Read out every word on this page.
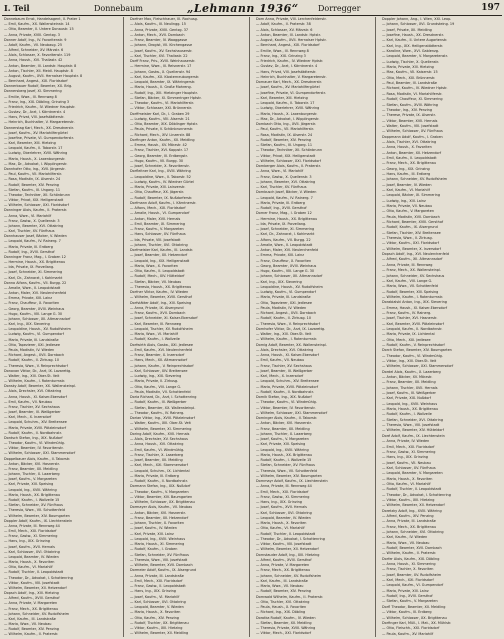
I. Teil	Donnebaum	„Lehmann 1936“ Dorregger	197
Donnebaum Ernst, Handelsagent, II. Prater 1
— Emil, Kaufm., XX. Wallensteinstr. 14
— Otto, Beamter, II. Untere Donaustr. 15
— Anna, Private, XVIII. Gentzg. 3
Donner Adolf, Ing., IV. Favoritenstr. 9
— Adolf, Kaufm., VII. Neubaug. 25
— Alfred, Schneider, XV. Märzstr. 6
— Alois, Schlosser, X. Favoritenstr. 119
— Anna, Haush., XVI. Thaliastr. 42
— Anton, Beamter, III. Landstr. Hauptstr. 8
— Anton, Tischler, XII. Meidl. Hauptstr. 8
— August, Kaufm., XVII. Hernalser Hauptstr. 8
— Bernhard, Angest., XXI. Floridsdorf
Donnerbauer Rudolf, Beamter, XX. Brig.
Donnersberg Josef, XI. Simmering
— Emilie, Wwe., III. Rennweg 8
— Franz, Ing., XIX. Döbling, Grinzing 3
— Friedrich, Kaufm., IV. Wiedner Hauptstr.
— Gustav, Dr., Arzt, I. Kärntnerstr. 4
— Hans, Privat, VIII. Josefstädterstr.
— Heinrich, Buchhalter, V. Margaretenstr.
Donnerstag Karl, Mech., XX. Dresdnerstr.
— Josef, Kaufm., XV. Mariahilfergürtel
— Josefine, Private, VI. Gumpendorferstr.
— Karl, Beamter, XIII. Hietzing
— Leopold, Kaufm., II. Taborstr. 17
— Ludwig, Oberlehrer, XVIII. Währing
— Maria, Haush., X. Laxenburgerstr.
— Max, Dr., Advokat, I. Wipplingerstr.
Donnhofer Otto, Ing., XVII. Jörgerstr.
— Paul, Kaufm., VII. Mariahilferstr.
— Rosa, Modistin, IX. Alserstr. 24
— Rudolf, Beamter, XIV. Penzing
— Stefan, Kaufm., III. Ungarg. 11
— Theodor, Techniker, XII. Schönbrunn
— Viktor, Privat, XIX. Heiligenstadt
— Wilhelm, Schlosser, XXI. Floridsdorf
Donninger Alois, Kaufm., II. Praterstr.
— Anna, Wwe., VI. Mariahilf
— Franz, Gastw., X. Quellenstr. 3
— Johann, Beamter, XVI. Ottakring
— Karl, Tischler, XV. Fünfhaus
Donnhauser Josef, Bäcker, V. Wieden
— Leopold, Kaufm., IV. Rainerg. 7
— Maria, Private, III. Erdberg
— Rudolf, Ing., XVIII. Gersthof
Donninger Franz, Mag., I. Graben 12
— Hermine, Haush., XX. Brigittenau
— Ida, Private, IX. Porzellang.
— Josef, Schneider, XI. Simmering
— Karl, Dr., Zahnarzt, I. Kohlmarkt
Donno Alfons, Kaufm., VII. Burgg. 22
— Amalie, Wwe., II. Leopoldstadt
— Anton, Maler, XVI. Neulerchenfeld
— Emma, Private, XIII. Lainz
— Franz, Chauffeur, X. Favoriten
— Georg, Beamter, XVIII. Weinhaus
— Hugo, Kaufm., VIII. Lange G. 30
— Johann, Schlosser, XII. Altmannsdorf
— Karl, Ing., XIX. Sievering
— Leopoldine, Haush., XV. Rudolfsheim
— Ludwig, Kaufm., VI. Gumpendorf
— Maria, Private, III. Landstraße
— Otto, Tapezierer, XXI. Jedlesee
— Paula, Modistin, IV. Wieden
— Richard, Angest., XVII. Dornbach
— Rudolf, Kaufm., II. Zirkusg. 10
— Theresia, Wwe., V. Reinprechtsdorf
Donovan Viktor, Dr., Arzt, IX. Lazarettg.
— Walter, Ing., XIII. Ober-St. Veit
— Wilhelm, Kaufm., I. Rotenturmstr.
Donsky Adolf, Beamter, XX. Wallensteinpl.
— Alois, Drechsler, XVI. Ottakring
— Anna, Haush., XI. Kaiser-Ebersdorf
— Emil, Kaufm., VII. Neubau
— Franz, Tischler, XV. Sechshaus
— Josef, Beamter, III. Weißgerber
— Karl, Mech., X. Inzersdorf
— Leopold, Schuhm., XIV. Breitensee
— Maria, Private, XVIII. Pötzleinsdorf
— Rudolf, Kaufm., II. Nordbahnstr.
Dontsch Stefan, Ing., XIX. Nußdorf
— Theodor, Kaufm., VI. Windmühlg.
— Viktor, Beamter, IV. Favoritenstr.
— Wilhelm, Schlosser, XXI. Stammersdorf
Doppelbauer Alois, Kaufm., II. Taborstr.
— Anton, Bäcker, XVI. Hasnerstr.
— Franz, Beamter, XII. Meidling
— Johann, Tischler, X. Laaerberg
— Josef, Kaufm., V. Margareten
— Karl, Private, XIII. Speising
— Leopold, Ing., XVIII. Währing
— Maria, Haush., XX. Brigittenau
— Rudolf, Kaufm., I. Wollzeile 15
— Stefan, Schneider, XV. Fünfhaus
— Theresia, Wwe., VII. Schottenfeld
— Wilhelm, Beamter, XIV. Baumgarten
Doppler Adolf, Kaufm., IX. Liechtenstein
— Anna, Private, III. Rennweg 44
— Emil, Mech., XXI. Floridsdorf
— Franz, Gastw., XI. Simmering
— Hans, Ing., XIX. Grinzing
— Josef, Kaufm., XVII. Hernals
— Karl, Schlosser, XVI. Ottakring
— Leopold, Beamter, IV. Wieden
— Maria, Haush., X. Favoriten
— Otto, Kaufm., VI. Mariahilf
— Rudolf, Tischler, II. Leopoldstadt
— Theodor, Dr., Advokat, I. Schottenring
— Viktor, Kaufm., VIII. Josefstadt
— Wilhelm, Beamter, XII. Hetzendorf
Dopsch Adolf, Ing., XIII. Hietzing
— Alfred, Kaufm., XVIII. Gersthof
— Anna, Private, V. Margareten
— Franz, Mech., XX. Brigittenau
— Johann, Schneider, XV. Rudolfsheim
— Karl, Kaufm., III. Landstraße
— Maria, Wwe., VII. Neubau
— Rudolf, Beamter, XIV. Penzing
— Wilhelm, Kaufm., II. Praterstr.
Dorfner Max, Fleischhauer, III. Rochusg.
— Alois, Kaufm., III. Neulingg. 15
— Anna, Private, XVIII. Gentzg. 37
— Anton, Mech., XVII. Dornbach
— Franz, Beamter, IV. Waaggasse
— Johann, Drogist, VII. Kirchengasse
— Josef, Kaufm., XV. Sechshauserstr.
— Karl, Tischler, XVI. Thaliastr. 22
Dorff Franz, Priv., XVIII. Weinhauserstr.
— Hermine, Wwe., III. Reisnerstr. 17
— Johann, Gastw., X. Quellenstr. 94
— Karl, Kaufm., XX. Klosterneuburgerstr.
— Leopold, Beamter, IX. Währingerstr.
— Maria, Haush., II. Große Mohreng.
— Rudolf, Ing., XIII. Hietzinger Hauptstr.
— Stefan, Bäcker, XI. Simmeringer Hptstr.
— Theodor, Kaufm., VI. Mariahilferstr.
— Viktor, Schlosser, XXI. Brünnerstr.
Dorffmeister Karl, Dr., I. Graben 29
— Ludwig, Kaufm., VIII. Alserstr. 21
— Otto, Beamter, XIX. Döblinger Hptstr.
— Paula, Private, V. Schönbrunnerstr.
— Richard, Mech., XIV. Linzerstr. 88
Dorfinger Anton, Kaufm., XII. Meidling
— Emma, Haush., XV. Märzstr. 42
— Franz, Tischler, XVI. Koppstr. 17
— Georg, Beamter, III. Erdbergstr.
— Hugo, Kaufm., VII. Burgg. 30
— Josef, Schneider, X. Favoritenstr.
Dorfleitner Karl, Ing., XVIII. Währing
— Leopoldine, Wwe., II. Taborstr. 52
— Ludwig, Kaufm., IV. Wiedner Gürtel
— Maria, Private, XIII. Lainzerstr.
— Otto, Chauffeur, XX. Jägerstr.
— Rudolf, Beamter, IX. Nußdorferstr.
Dorfmann Adolf, Kaufm., I. Kärntnerstr.
— Alfons, Mech., XXI. Floridsdorf
— Amalie, Haush., VI. Gumpendorf
— Anton, Maler, XVII. Hernals
— Emil, Beamter, XI. Simmering
— Franz, Kaufm., V. Margareten
— Hans, Schlosser, XV. Fünfhaus
— Ida, Private, VIII. Josefstadt
— Johann, Tischler, XVI. Ottakring
Dorfmeister Karl, Kaufm., III. Landstr.
— Josef, Beamter, XII. Hetzendorf
— Leopold, Ing., XIX. Heiligenstadt
— Maria, Wwe., X. Favoriten
— Otto, Kaufm., II. Leopoldstadt
— Rudolf, Mech., XIV. Hütteldorf
— Stefan, Bäcker, VII. Neubau
— Theresia, Haush., XX. Brigittenau
Dorfner Viktor, Kaufm., IV. Wieden
— Wilhelm, Beamter, XVIII. Gersthof
Dorfstätter Adolf, Ing., XIII. Speising
— Anna, Private, IX. Alsergrund
— Franz, Kaufm., XVII. Dornbach
— Josef, Schneider, XI. Kaiser-Ebersdorf
— Karl, Beamter, III. Rennweg
— Leopold, Tischler, XV. Rudolfsheim
— Maria, Wwe., VI. Mariahilf
— Rudolf, Kaufm., I. Wollzeile
Dorfwirth Alois, Gastw., XXI. Jedlesee
— Emil, Kaufm., XVI. Neulerchenfeld
— Franz, Beamter, X. Inzersdorf
— Hans, Mech., XII. Altmannsdorf
— Johann, Kaufm., V. Reinprechtsdorf
— Karl, Schlosser, XIV. Breitensee
— Ludwig, Ing., XIX. Sievering
— Maria, Private, II. Zirkusg.
— Otto, Kaufm., VIII. Lange G.
— Paula, Modistin, VII. Schottenfeld
Doria Richard, Dr., Arzt, I. Schottenring
— Rudolf, Kaufm., III. Weißgerber
— Stefan, Beamter, XX. Wallensteinpl.
— Theodor, Kaufm., IV. Rainerg.
Dorian Viktor, Ing., XVIII. Pötzleinsdorf
— Walter, Kaufm., XIII. Ober-St. Veit
— Wilhelm, Beamter, XI. Simmering
Doring Adolf, Kaufm., XVII. Hernals
— Alois, Drechsler, XV. Sechshaus
— Anna, Haush., XVI. Ottakring
— Emil, Kaufm., VI. Windmühlg.
— Franz, Tischler, X. Laaerberg
— Josef, Beamter, XII. Meidling
— Karl, Mech., XXI. Stammersdorf
— Leopold, Schuhm., IX. Lichtental
— Maria, Private, III. Erdberg
— Rudolf, Kaufm., II. Nordbahnstr.
Dormann Stefan, Ing., XIX. Nußdorf
— Theodor, Kaufm., V. Margareten
— Viktor, Beamter, XIV. Baumgarten
— Wilhelm, Schlosser, XX. Brigittenau
Dormayer Alois, Kaufm., VII. Neubau
— Anton, Bäcker, XVI. Hasnerstr.
— Franz, Beamter, XII. Hetzendorf
— Johann, Tischler, X. Favoriten
— Josef, Kaufm., IV. Wieden
— Karl, Private, XIII. Lainz
— Leopold, Ing., XVIII. Weinhaus
— Maria, Haush., XI. Simmering
— Rudolf, Kaufm., I. Graben
— Stefan, Schneider, XV. Fünfhaus
— Theresia, Wwe., VIII. Josefstadt
— Wilhelm, Beamter, XVII. Dornbach
Dormeier Adolf, Kaufm., IX. Alsergrund
— Anna, Private, III. Landstraße
— Emil, Mech., XXI. Floridsdorf
— Franz, Gastw., II. Leopoldstadt
— Hans, Ing., XIX. Grinzing
— Josef, Kaufm., VI. Mariahilf
— Karl, Schlosser, XVI. Ottakring
— Leopold, Beamter, V. Wieden
— Maria, Haush., X. Favoriten
— Otto, Kaufm., XIV. Penzing
— Rudolf, Tischler, XX. Brigittenau
— Viktor, Kaufm., XIII. Hietzing
— Wilhelm, Beamter, XII. Meidling
Dorn Anna, Private, VIII. Lerchenfelderstr.
— Adolf, Kaufm., II. Praterstr. 38
— Alois, Schlosser, XV. Märzstr. 6
— Anton, Beamter, III. Landstr. Hptstr.
— August, Kaufm., XVII. Hernalser Hptstr.
— Bernhard, Angest., XXI. Floridsdorf
— Emilie, Wwe., III. Rennweg 8
— Franz, Ing., XIX. Grinzing 3
— Friedrich, Kaufm., IV. Wiedner Hptstr.
— Gustav, Dr., Arzt, I. Kärntnerstr. 4
— Hans, Privat, VIII. Josefstädterstr.
— Heinrich, Buchhalter, V. Margaretenstr.
Dornauer Karl, Mech., XX. Dresdnerstr.
— Josef, Kaufm., XV. Mariahilfergürtel
— Josefine, Private, VI. Gumpendorferstr.
— Karl, Beamter, XIII. Hietzing
— Leopold, Kaufm., II. Taborstr. 17
— Ludwig, Oberlehrer, XVIII. Währing
— Maria, Haush., X. Laxenburgerstr.
— Max, Dr., Advokat, I. Wipplingerstr.
Dornbach Otto, Ing., XVII. Jörgerstr.
— Paul, Kaufm., VII. Mariahilferstr.
— Rosa, Modistin, IX. Alserstr. 24
— Rudolf, Beamter, XIV. Penzing
— Stefan, Kaufm., III. Ungarg. 11
— Theodor, Techniker, XII. Schönbrunn
— Viktor, Privat, XIX. Heiligenstadt
— Wilhelm, Schlosser, XXI. Floridsdorf
Dornberger Alois, Kaufm., II. Praterstr.
— Anna, Wwe., VI. Mariahilf
— Franz, Gastw., X. Quellenstr. 3
— Johann, Beamter, XVI. Ottakring
— Karl, Tischler, XV. Fünfhaus
Dornbusch Josef, Bäcker, V. Wieden
— Leopold, Kaufm., IV. Rainerg. 7
— Maria, Private, III. Erdberg
— Rudolf, Ing., XVIII. Gersthof
Dorner Franz, Mag., I. Graben 12
— Hermine, Haush., XX. Brigittenau
— Ida, Private, IX. Porzellang.
— Josef, Schneider, XI. Simmering
— Karl, Dr., Zahnarzt, I. Kohlmarkt
— Alfons, Kaufm., VII. Burgg. 22
— Amalie, Wwe., II. Leopoldstadt
— Anton, Maler, XVI. Neulerchenfeld
— Emma, Private, XIII. Lainz
— Franz, Chauffeur, X. Favoriten
— Georg, Beamter, XVIII. Weinhaus
— Hugo, Kaufm., VIII. Lange G. 30
— Johann, Schlosser, XII. Altmannsdorf
— Karl, Ing., XIX. Sievering
— Leopoldine, Haush., XV. Rudolfsheim
— Ludwig, Kaufm., VI. Gumpendorf
— Maria, Private, III. Landstraße
— Otto, Tapezierer, XXI. Jedlesee
— Paula, Modistin, IV. Wieden
— Richard, Angest., XVII. Dornbach
— Rudolf, Kaufm., II. Zirkusg. 10
— Theresia, Wwe., V. Reinprechtsdorf
Dornhofer Viktor, Dr., Arzt, IX. Lazarettg.
— Walter, Ing., XIII. Ober-St. Veit
— Wilhelm, Kaufm., I. Rotenturmstr.
Dornig Adolf, Beamter, XX. Wallensteinpl.
— Alois, Drechsler, XVI. Ottakring
— Anna, Haush., XI. Kaiser-Ebersdorf
— Emil, Kaufm., VII. Neubau
— Franz, Tischler, XV. Sechshaus
— Josef, Beamter, III. Weißgerber
— Karl, Mech., X. Inzersdorf
— Leopold, Schuhm., XIV. Breitensee
— Maria, Private, XVIII. Pötzleinsdorf
— Rudolf, Kaufm., II. Nordbahnstr.
Dornik Stefan, Ing., XIX. Nußdorf
— Theodor, Kaufm., VI. Windmühlg.
— Viktor, Beamter, IV. Favoritenstr.
— Wilhelm, Schlosser, XXI. Stammersdorf
Dorninger Alois, Kaufm., II. Taborstr.
— Anton, Bäcker, XVI. Hasnerstr.
— Franz, Beamter, XII. Meidling
— Johann, Tischler, X. Laaerberg
— Josef, Kaufm., V. Margareten
— Karl, Private, XIII. Speising
— Leopold, Ing., XVIII. Währing
— Maria, Haush., XX. Brigittenau
— Rudolf, Kaufm., I. Wollzeile 15
— Stefan, Schneider, XV. Fünfhaus
— Theresia, Wwe., VII. Schottenfeld
— Wilhelm, Beamter, XIV. Baumgarten
Dornmayr Adolf, Kaufm., IX. Liechtenstein
— Anna, Private, III. Rennweg 44
— Emil, Mech., XXI. Floridsdorf
— Franz, Gastw., XI. Simmering
— Hans, Ing., XIX. Grinzing
— Josef, Kaufm., XVII. Hernals
— Karl, Schlosser, XVI. Ottakring
— Leopold, Beamter, IV. Wieden
— Maria, Haush., X. Favoriten
— Otto, Kaufm., VI. Mariahilf
— Rudolf, Tischler, II. Leopoldstadt
— Theodor, Dr., Advokat, I. Schottenring
— Viktor, Kaufm., VIII. Josefstadt
— Wilhelm, Beamter, XII. Hetzendorf
Dornstauder Adolf, Ing., XIII. Hietzing
— Alfred, Kaufm., XVIII. Gersthof
— Anna, Private, V. Margareten
— Franz, Mech., XX. Brigittenau
— Johann, Schneider, XV. Rudolfsheim
— Karl, Kaufm., III. Landstraße
— Maria, Wwe., VII. Neubau
— Rudolf, Beamter, XIV. Penzing
Dornwald Wilhelm, Kaufm., II. Praterstr.
— Otto, Tischler, XVI. Ottakring
— Paula, Haush., X. Favoriten
— Richard, Ing., XIX. Döbling
Dorotka Rudolf, Kaufm., IV. Wieden
— Stefan, Beamter, XII. Meidling
— Theresia, Private, XVIII. Währing
— Viktor, Mech., XXI. Floridsdorf
Doppler Johann, Ang., I. Wien, XXI. Leop.
— Johann, Schlosser, XVI. Grundsteing. 19
— Josef, Private, XII. Meidling
— Josefine, Haush., XX. Dresdnerstr.
— Karl, Kaufm., II. Untere Augartenstr.
— Karl, Ing., XIX. Heiligenstädterstr.
— Karoline, Wwe., XVI. Gablenzg.
— Leopold, Beamter, V. Margaretenstr.
— Ludwig, Tischler, X. Quellenstr.
— Maria, Private, XIII. Hietzing
— Max, Kaufm., VII. Kaiserstr. 15
— Otto, Mech., XXI. Brünnerstr.
— Paul, Beamter, III. Landstraße
— Richard, Kaufm., IV. Wiedner Hptstr.
— Rosa, Modistin, VI. Mariahilferstr.
— Rudolf, Chauffeur, XI. Simmering
— Stefan, Kaufm., XVIII. Währing
— Theodor, Ing., XIV. Penzing
— Therese, Private, IX. Alserstr.
— Viktor, Beamter, XVII. Hernals
— Walter, Kaufm., VIII. Josefstadt
— Wilhelm, Schlosser, XV. Fünfhaus
Doppmann Adolf, Kaufm., I. Graben
— Alois, Tischler, XVI. Ottakring
— Anna, Haush., X. Favoriten
— Anton, Beamter, XII. Hetzendorf
— Emil, Kaufm., II. Leopoldstadt
— Franz, Mech., XX. Brigittenau
— Georg, Ing., XIX. Grinzing
— Hans, Kaufm., III. Erdberg
— Johann, Schneider, XV. Rudolfsheim
— Josef, Beamter, IV. Wieden
— Karl, Kaufm., VI. Mariahilf
— Leopold, Bäcker, XI. Simmering
— Ludwig, Ing., XIII. Lainz
— Maria, Private, VII. Neubau
— Otto, Kaufm., V. Margareten
— Paula, Modistin, XVII. Dornbach
— Richard, Beamter, XVIII. Gersthof
— Rudolf, Kaufm., IX. Alsergrund
— Stefan, Tischler, XIV. Breitensee
— Theresia, Wwe., II. Zirkusg.
— Viktor, Kaufm., XXI. Floridsdorf
— Wilhelm, Beamter, X. Inzersdorf
Dopsch Adolf, Ing., XVI. Neulerchenfeld
— Alfred, Kaufm., XII. Altmannsdorf
— Anna, Private, III. Rennweg
— Franz, Mech., XX. Wallensteinpl.
— Johann, Schneider, XV. Sechshaus
— Karl, Kaufm., VIII. Lange G.
— Maria, Wwe., VII. Schottenfeld
— Rudolf, Beamter, XIII. Speising
— Wilhelm, Kaufm., I. Rotenturmstr.
Dorabialski Anton, Ing., XIX. Sievering
— Emma, Haush., XI. Kaiser-Ebersdorf
— Franz, Kaufm., IV. Rainerg.
— Josef, Tischler, XVI. Hasnerstr.
— Karl, Beamter, XVIII. Pötzleinsdorf
— Leopold, Kaufm., II. Nordbahnstr.
— Maria, Private, IX. Lichtental
— Otto, Mech., XXI. Jedlesee
— Rudolf, Kaufm., V. Reinprechtsdorf
Dorch Stefan, Beamter, XIV. Baumgarten
— Theodor, Kaufm., VI. Windmühlg.
— Viktor, Ing., XIII. Ober-St. Veit
— Wilhelm, Schlosser, XXI. Stammersdorf
Dordel Alois, Kaufm., X. Laaerberg
— Anton, Bäcker, XV. Märzstr.
— Franz, Beamter, XII. Meidling
— Johann, Tischler, XVII. Hernals
— Josef, Kaufm., III. Weißgerber
— Karl, Private, XIX. Nußdorf
— Leopold, Ing., XVIII. Weinhaus
— Maria, Haush., XX. Brigittenau
— Rudolf, Kaufm., I. Wollzeile
— Stefan, Schneider, XVI. Ottakring
— Theresia, Wwe., VIII. Josefstadt
— Wilhelm, Beamter, XIV. Hütteldorf
Doré Adolf, Kaufm., IX. Liechtenstein
— Anna, Private, IV. Wieden
— Emil, Mech., XXI. Floridsdorf
— Franz, Gastw., XI. Simmering
— Hans, Ing., XIX. Grinzing
— Josef, Kaufm., VII. Neubau
— Karl, Schlosser, XV. Fünfhaus
— Leopold, Beamter, V. Margareten
— Maria, Haush., X. Favoriten
— Otto, Kaufm., VI. Mariahilf
— Rudolf, Tischler, II. Leopoldstadt
— Theodor, Dr., Advokat, I. Schottenring
— Viktor, Kaufm., XIII. Hietzing
— Wilhelm, Beamter, XII. Hetzendorf
Doretzky Adolf, Ing., XVIII. Währing
— Alfred, Kaufm., XIV. Penzing
— Anna, Private, III. Landstraße
— Franz, Mech., XX. Brigittenau
— Johann, Schneider, XVI. Ottakring
— Karl, Kaufm., IV. Wieden
— Maria, Wwe., VII. Neubau
— Rudolf, Beamter, XVII. Dornbach
— Wilhelm, Kaufm., II. Praterstr.
Dorfer Alois, Kaufm., XIX. Döbling
— Anna, Haush., XI. Simmering
— Franz, Tischler, X. Favoriten
— Josef, Beamter, XV. Rudolfsheim
— Karl, Mech., XXI. Floridsdorf
— Leopold, Kaufm., VI. Gumpendorf
— Maria, Private, XIII. Lainz
— Rudolf, Ing., XVIII. Gersthof
— Stefan, Kaufm., V. Margareten
Dorfl Theodor, Beamter, XII. Meidling
— Viktor, Kaufm., III. Erdberg
— Wilhelm, Schlosser, XX. Brigittenau
Dorfinger Karl, Müll., I. Mat., XX. Mühlstr.
— Otto, Fleischh., XXI. Floridsdorf
— Paula, Kaufm., XV. Mariahilf
